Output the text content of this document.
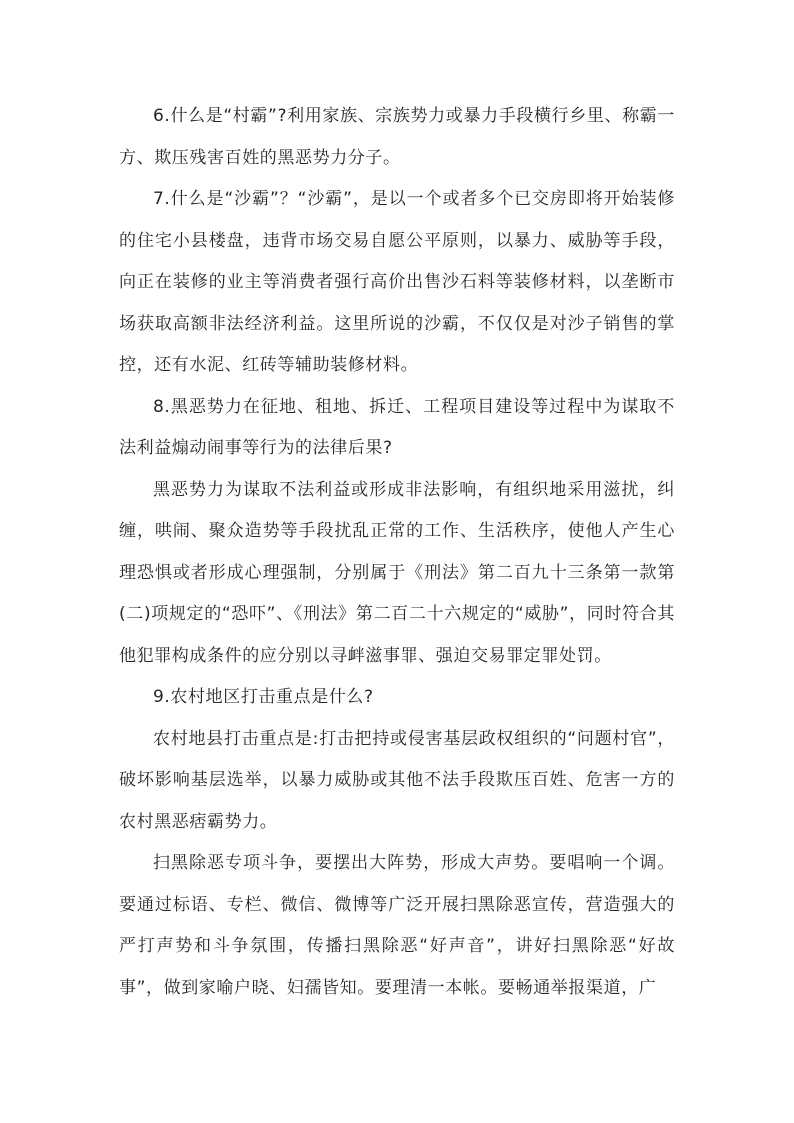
6.什么是“村霸”?利用家族、宗族势力或暴力手段横行乡里、称霸一方、欺压残害百姓的黑恶势力分子。

7.什么是“沙霸”？“沙霸”，是以一个或者多个已交房即将开始装修的住宅小县楼盘，违背市场交易自愿公平原则，以暴力、威胁等手段，向正在装修的业主等消费者强行高价出售沙石料等装修材料，以垄断市场获取高额非法经济利益。这里所说的沙霸，不仅仅是对沙子销售的掌控，还有水泥、红砖等辅助装修材料。

8.黑恶势力在征地、租地、拆迁、工程项目建设等过程中为谋取不法利益煽动闹事等行为的法律后果?

黑恶势力为谋取不法利益或形成非法影响，有组织地采用滋扰，纠缠，哄闹、聚众造势等手段扰乱正常的工作、生活秩序，使他人产生心理恐惧或者形成心理强制，分别属于《刑法》第二百九十三条第一款第(二)项规定的“恐吓”、《刑法》第二百二十六规定的“威胁”，同时符合其他犯罪构成条件的应分别以寻衅滋事罪、强迫交易罪定罪处罚。

9.农村地区打击重点是什么?

农村地县打击重点是:打击把持或侵害基层政权组织的“问题村官”，破坏影响基层选举，以暴力威胁或其他不法手段欺压百姓、危害一方的农村黑恶痞霸势力。

扫黑除恶专项斗争，要摆出大阵势，形成大声势。要唱响一个调。要通过标语、专栏、微信、微博等广泛开展扫黑除恶宣传，营造强大的严打声势和斗争氛围，传播扫黑除恶“好声音”，讲好扫黑除恶“好故事”，做到家喻户晓、妇孺皆知。要理清一本帐。要畅通举报渠道，广
